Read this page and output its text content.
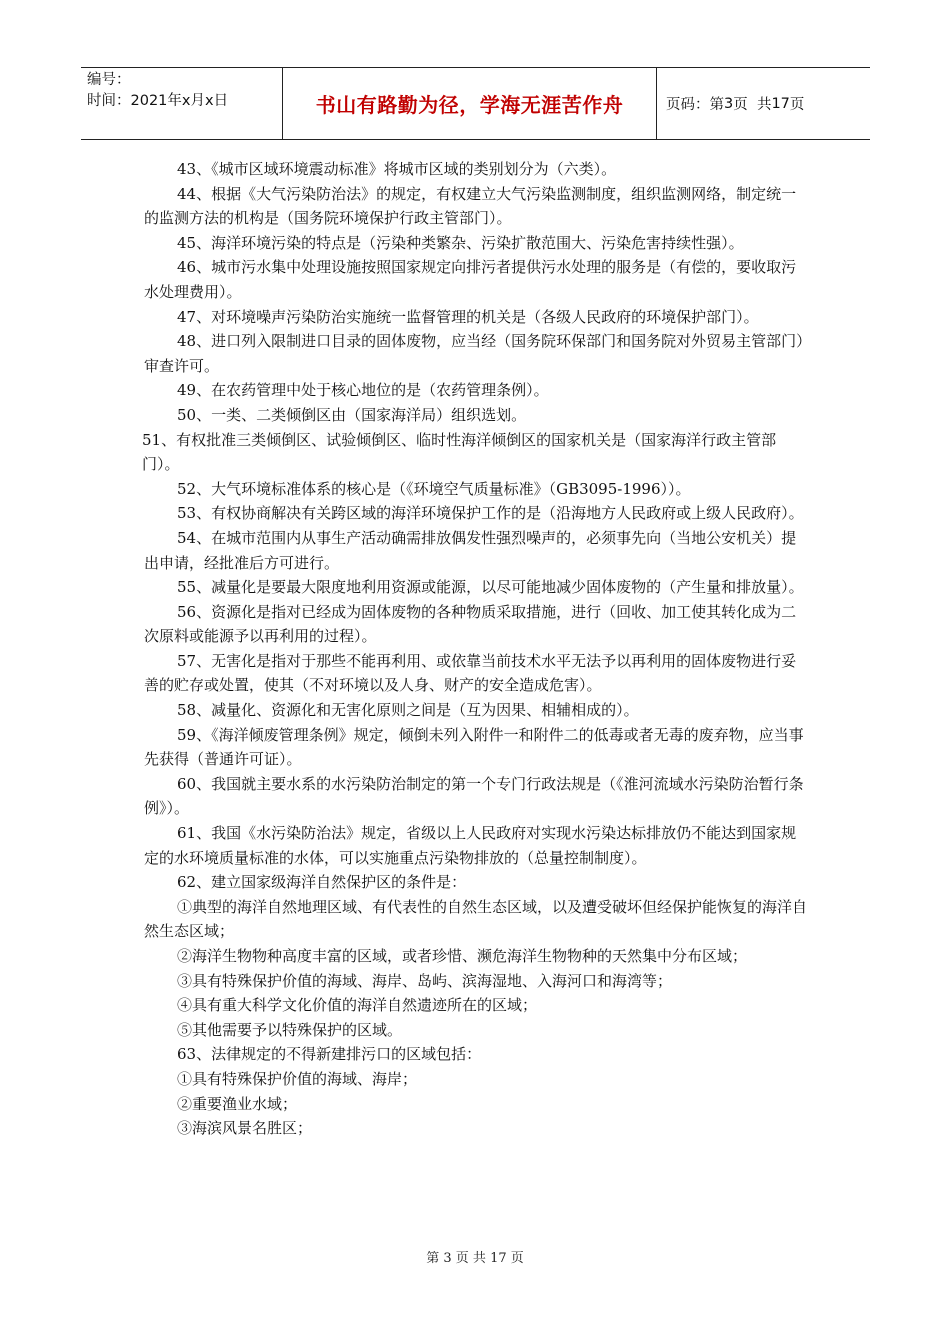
编号：
时间：2021年x月x日	书山有路勤为径，学海无涯苦作舟	页码：第 3 页  共 17 页

43、《城市区域环境震动标准》将城市区域的类别划分为（六类）。

44、根据《大气污染防治法》的规定，有权建立大气污染监测制度，组织监测网络，制定统一的监测方法的机构是（国务院环境保护行政主管部门）。

45、海洋环境污染的特点是（污染种类繁杂、污染扩散范围大、污染危害持续性强）。

46、城市污水集中处理设施按照国家规定向排污者提供污水处理的服务是（有偿的，要收取污水处理费用）。

47、对环境噪声污染防治实施统一监督管理的机关是（各级人民政府的环境保护部门）。

48、进口列入限制进口目录的固体废物，应当经（国务院环保部门和国务院对外贸易主管部门）审查许可。

49、在农药管理中处于核心地位的是（农药管理条例）。

50、一类、二类倾倒区由（国家海洋局）组织选划。

51、有权批准三类倾倒区、试验倾倒区、临时性海洋倾倒区的国家机关是（国家海洋行政主管部门）。

52、大气环境标准体系的核心是（《环境空气质量标准》（GB3095-1996））。

53、有权协商解决有关跨区域的海洋环境保护工作的是（沿海地方人民政府或上级人民政府）。

54、在城市范围内从事生产活动确需排放偶发性强烈噪声的，必须事先向（当地公安机关）提出申请，经批准后方可进行。

55、减量化是要最大限度地利用资源或能源，以尽可能地减少固体废物的（产生量和排放量）。

56、资源化是指对已经成为固体废物的各种物质采取措施，进行（回收、加工使其转化成为二次原料或能源予以再利用的过程）。

57、无害化是指对于那些不能再利用、或依靠当前技术水平无法予以再利用的固体废物进行妥善的贮存或处置，使其（不对环境以及人身、财产的安全造成危害）。

58、减量化、资源化和无害化原则之间是（互为因果、相辅相成的）。

59、《海洋倾废管理条例》规定，倾倒未列入附件一和附件二的低毒或者无毒的废弃物，应当事先获得（普通许可证）。

60、我国就主要水系的水污染防治制定的第一个专门行政法规是（《淮河流域水污染防治暂行条例》）。

61、我国《水污染防治法》规定，省级以上人民政府对实现水污染达标排放仍不能达到国家规定的水环境质量标准的水体，可以实施重点污染物排放的（总量控制制度）。

62、建立国家级海洋自然保护区的条件是：

①典型的海洋自然地理区域、有代表性的自然生态区域，以及遭受破坏但经保护能恢复的海洋自然生态区域；

②海洋生物物种高度丰富的区域，或者珍惜、濒危海洋生物物种的天然集中分布区域；

③具有特殊保护价值的海域、海岸、岛屿、滨海湿地、入海河口和海湾等；

④具有重大科学文化价值的海洋自然遗迹所在的区域；

⑤其他需要予以特殊保护的区域。

63、法律规定的不得新建排污口的区域包括：

①具有特殊保护价值的海域、海岸；

②重要渔业水域；

③海滨风景名胜区；

第 3 页 共 17 页
